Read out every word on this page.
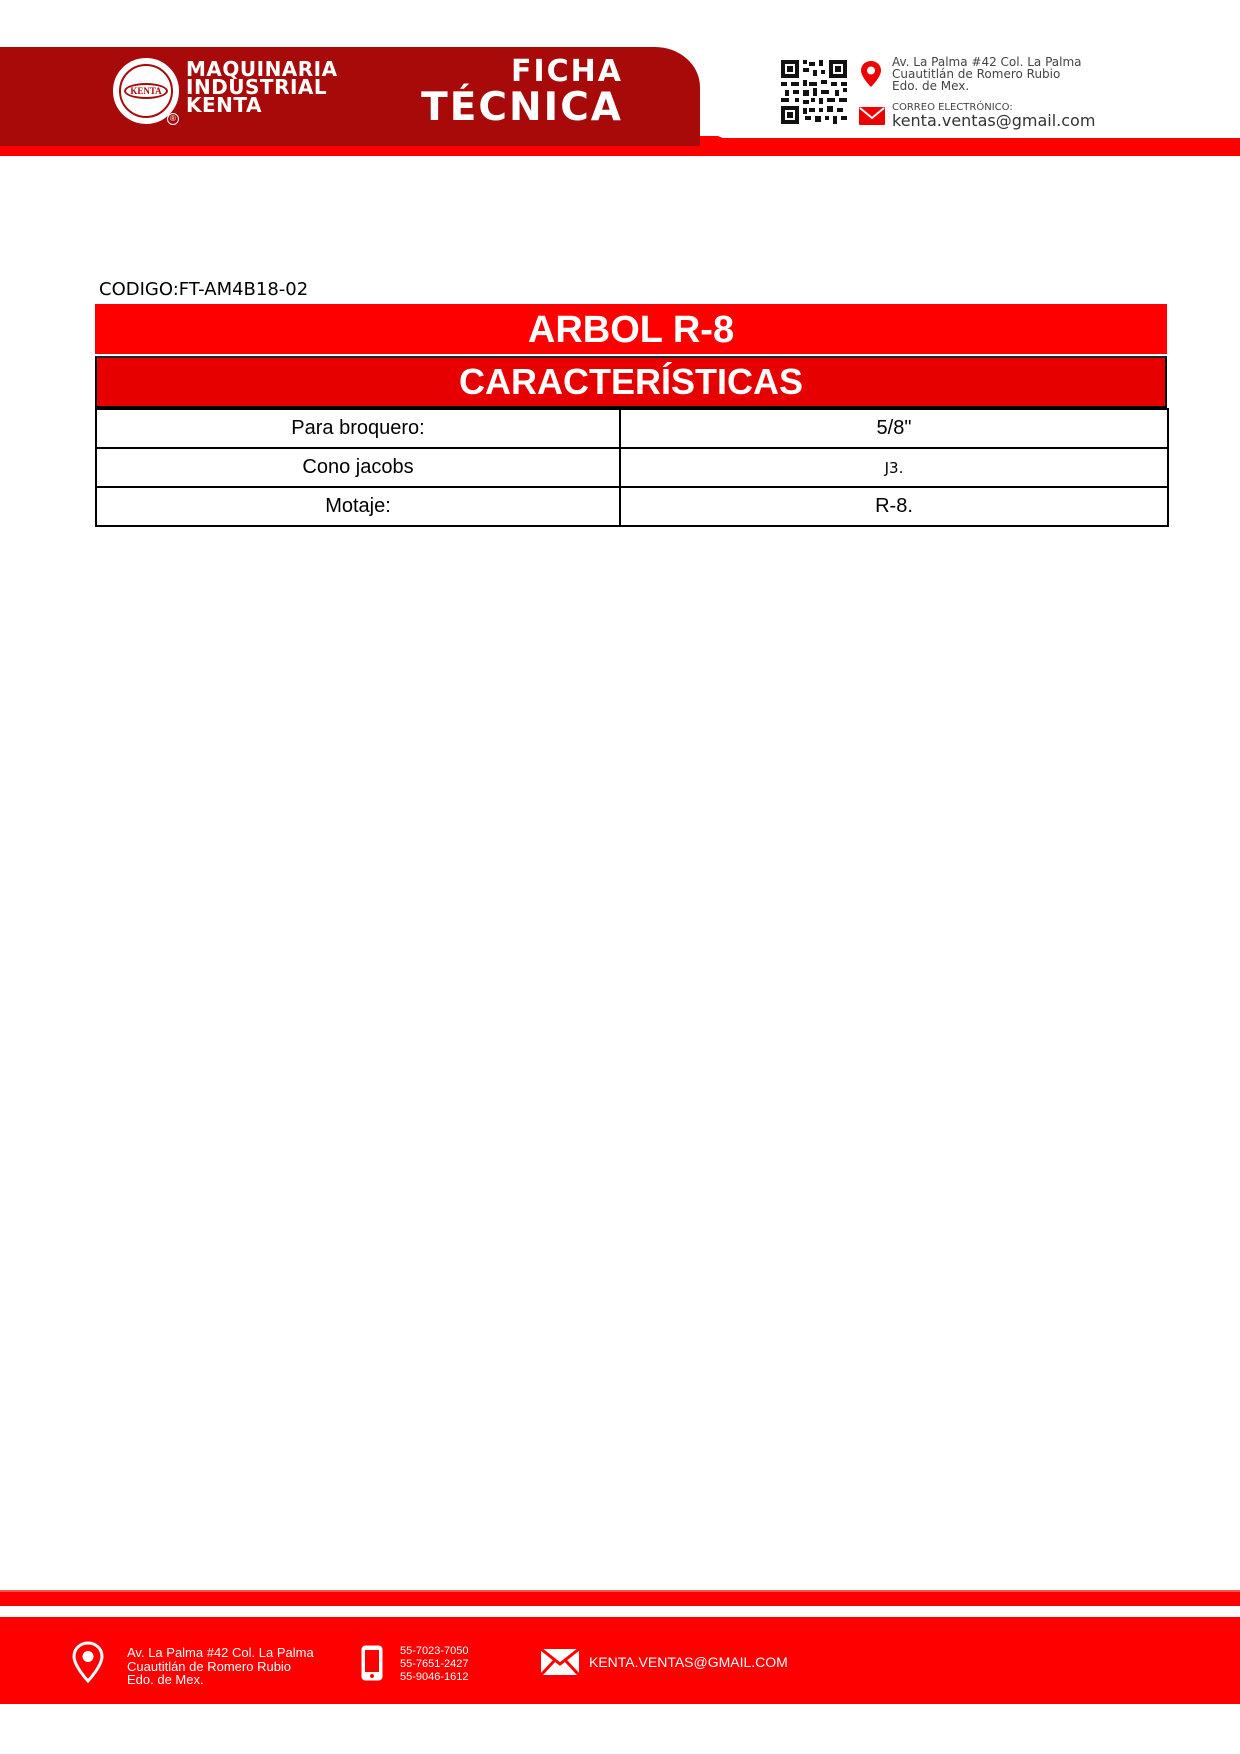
KENTA
®
MAQUINARIA
INDUSTRIAL
KENTA
FICHA
TÉCNICA
Av. La Palma #42 Col. La Palma
Cuautitlán de Romero Rubio
Edo. de Mex.
CORREO ELECTRÓNICO:
kenta.ventas@gmail.com
CODIGO:FT-AM4B18-02
ARBOL R-8
CARACTERÍSTICAS
Para broquero:	5/8"
Cono jacobs	J3.
Motaje:	R-8.
Av. La Palma #42 Col. La Palma
Cuautitlán de Romero Rubio
Edo. de Mex.
55-7023-7050
55-7651-2427
55-9046-1612
KENTA.VENTAS@GMAIL.COM
